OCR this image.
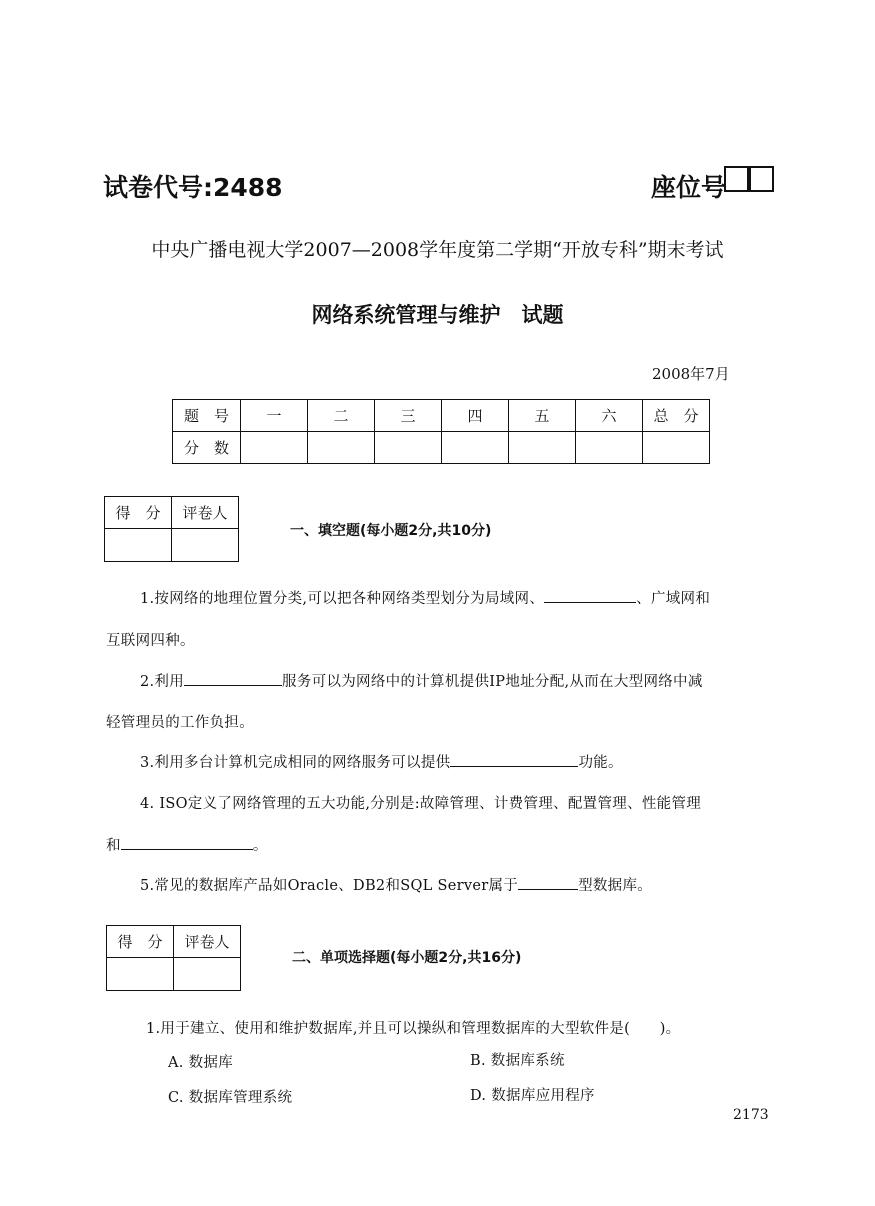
试卷代号:2488	座位号
中央广播电视大学2007—2008学年度第二学期“开放专科”期末考试
网络系统管理与维护　试题
2008年7月
题　号	一	二	三	四	五	六	总　分
分　数							
得　分	评卷人

一、填空题(每小题2分,共10分)
1.按网络的地理位置分类,可以把各种网络类型划分为局域网、	、广域网和
互联网四种。
2.利用	服务可以为网络中的计算机提供IP地址分配,从而在大型网络中减
轻管理员的工作负担。
3.利用多台计算机完成相同的网络服务可以提供	功能。
4. ISO定义了网络管理的五大功能,分别是:故障管理、计费管理、配置管理、性能管理
和	。
5.常见的数据库产品如Oracle、DB2和SQL Server属于	型数据库。
得　分	评卷人

二、单项选择题(每小题2分,共16分)
1.用于建立、使用和维护数据库,并且可以操纵和管理数据库的大型软件是(　　)。
A. 数据库	B. 数据库系统
C. 数据库管理系统	D. 数据库应用程序
2173
